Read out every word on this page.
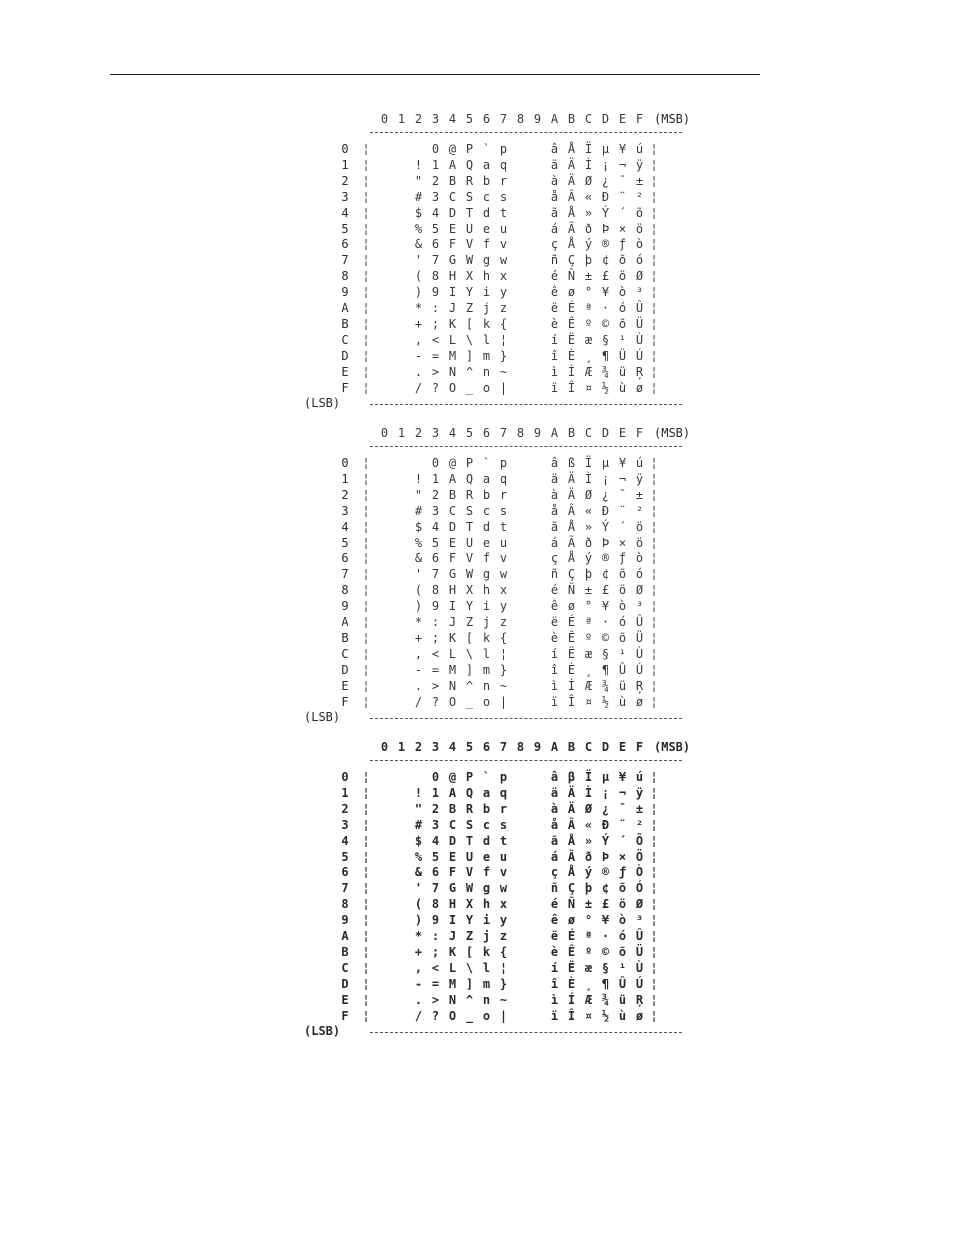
0 1 2 3 4 5 6 7 8 9 A B C D E F (MSB)
0 ¦	0 @ P ` p	â Å Ï µ ¥ ú ¦
1 ¦	! 1 A Q a q	ä Ä Ì ¡ ¬ ÿ ¦
2 ¦	" 2 B R b r	à Ä Ø ¿ ¯ ± ¦
3 ¦	# 3 C S c s	å Â « Ð ¨ ² ¦
4 ¦	$ 4 D T d t	ã Å » Ý ´ õ ¦
5 ¦	% 5 E U e u	á Ã ð Þ × ö ¦
6 ¦	& 6 F V f v	ç Å ý ® ƒ ò ¦
7 ¦	' 7 G W g w	ñ Ç þ ¢ õ ó ¦
8 ¦	( 8 H X h x	é Ñ ± £ ö Ø ¦
9 ¦	) 9 I Y i y	ê ø ° ¥ ò ³ ¦
A ¦	* : J Z j z	ë É ª · ó Û ¦
B ¦	+ ; K [ k {	è Ê º © õ Ü ¦
C ¦	, < L \ l ¦	í Ë æ § ¹ Ù ¦
D ¦	- = M ] m }	î È ¸ ¶ Ü Ú ¦
E ¦	. > N ^ n ~	ì Í Æ ¾ ü Ŗ ¦
F ¦	/ ? O _ o |	ï Î ¤ ½ ù ø ¦
(LSB)
0 1 2 3 4 5 6 7 8 9 A B C D E F (MSB)
0 ¦	0 @ P ` p	â ß Ï µ ¥ ú ¦
1 ¦	! 1 A Q a q	ä Ä Ì ¡ ¬ ÿ ¦
2 ¦	" 2 B R b r	à Ä Ø ¿ ¯ ± ¦
3 ¦	# 3 C S c s	å Â « Ð ¨ ² ¦
4 ¦	$ 4 D T d t	ã Å » Ý ´ ö ¦
5 ¦	% 5 E U e u	á Ã ð Þ × ö ¦
6 ¦	& 6 F V f v	ç Å ý ® ƒ ò ¦
7 ¦	' 7 G W g w	ñ Ç þ ¢ õ ó ¦
8 ¦	( 8 H X h x	é Ñ ± £ ö Ø ¦
9 ¦	) 9 I Y i y	ê ø ° ¥ ò ³ ¦
A ¦	* : J Z j z	ë É ª · ó Û ¦
B ¦	+ ; K [ k {	è Ê º © õ Ü ¦
C ¦	, < L \ l ¦	í Ë æ § ¹ Ù ¦
D ¦	- = M ] m }	î È ¸ ¶ Û Ú ¦
E ¦	. > N ^ n ~	ì Í Æ ¾ ü Ŗ ¦
F ¦	/ ? O _ o |	ï Î ¤ ½ ù ø ¦
(LSB)
0 1 2 3 4 5 6 7 8 9 A B C D E F (MSB)
0 ¦	0 @ P ` p	â β Ï µ ¥ ú ¦
1 ¦	! 1 A Q a q	ä Ä Ì ¡ ¬ ÿ ¦
2 ¦	" 2 B R b r	à Ä Ø ¿ ¯ ± ¦
3 ¦	# 3 C S c s	å Â « Ð ¨ ² ¦
4 ¦	$ 4 D T d t	ã Å » Ý ´ Õ ¦
5 ¦	% 5 E U e u	á Ã ð Þ × Ö ¦
6 ¦	& 6 F V f v	ç Å ý ® ƒ Ò ¦
7 ¦	' 7 G W g w	ñ Ç þ ¢ õ Ó ¦
8 ¦	( 8 H X h x	é Ñ ± £ ö Ø ¦
9 ¦	) 9 I Y i y	ê ø ° ¥ ò ³ ¦
A ¦	* : J Z j z	ë É ª · ó Û ¦
B ¦	+ ; K [ k {	è Ê º © õ Ü ¦
C ¦	, < L \ l ¦	í Ë æ § ¹ Ù ¦
D ¦	- = M ] m }	î È ¸ ¶ Û Ú ¦
E ¦	. > N ^ n ~	ì Í Æ ¾ ü Ŗ ¦
F ¦	/ ? O _ o |	ï Î ¤ ½ ù ø ¦
(LSB)
